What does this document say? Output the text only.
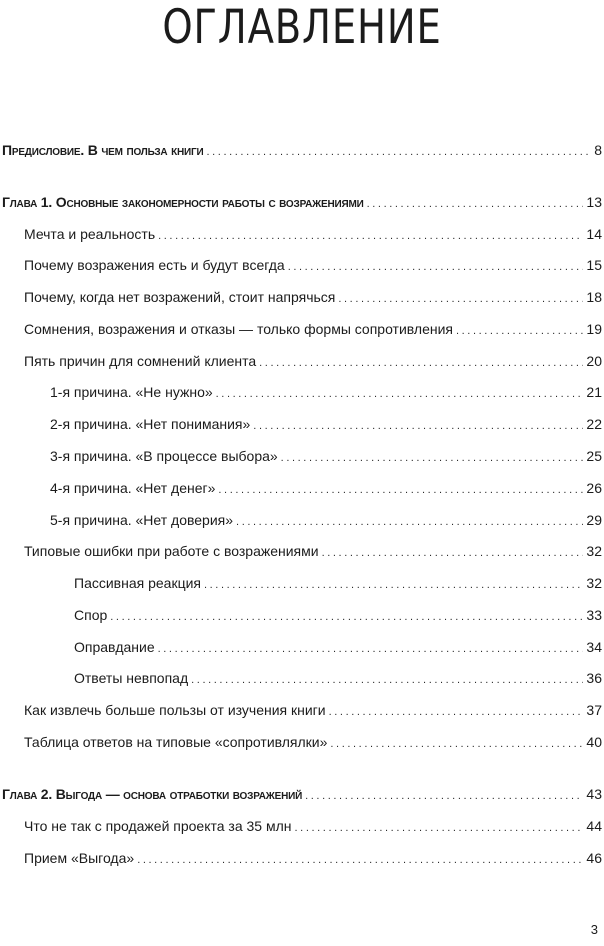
ОГЛАВЛЕНИЕ
Предисловие. В чем польза книги .....	8
Глава 1. Основные закономерности работы с возражениями .....	13
Мечта и реальность .....	14
Почему возражения есть и будут всегда .....	15
Почему, когда нет возражений, стоит напрячься .....	18
Сомнения, возражения и отказы — только формы сопротивления .....	19
Пять причин для сомнений клиента .....	20
1-я причина. «Не нужно» .....	21
2-я причина. «Нет понимания» .....	22
3-я причина. «В процессе выбора» .....	25
4-я причина. «Нет денег» .....	26
5-я причина. «Нет доверия» .....	29
Типовые ошибки при работе с возражениями .....	32
Пассивная реакция .....	32
Спор .....	33
Оправдание .....	34
Ответы невпопад .....	36
Как извлечь больше пользы от изучения книги .....	37
Таблица ответов на типовые «сопротивлялки» .....	40
Глава 2. Выгода — основа отработки возражений .....	43
Что не так с продажей проекта за 35 млн .....	44
Прием «Выгода» .....	46
3
